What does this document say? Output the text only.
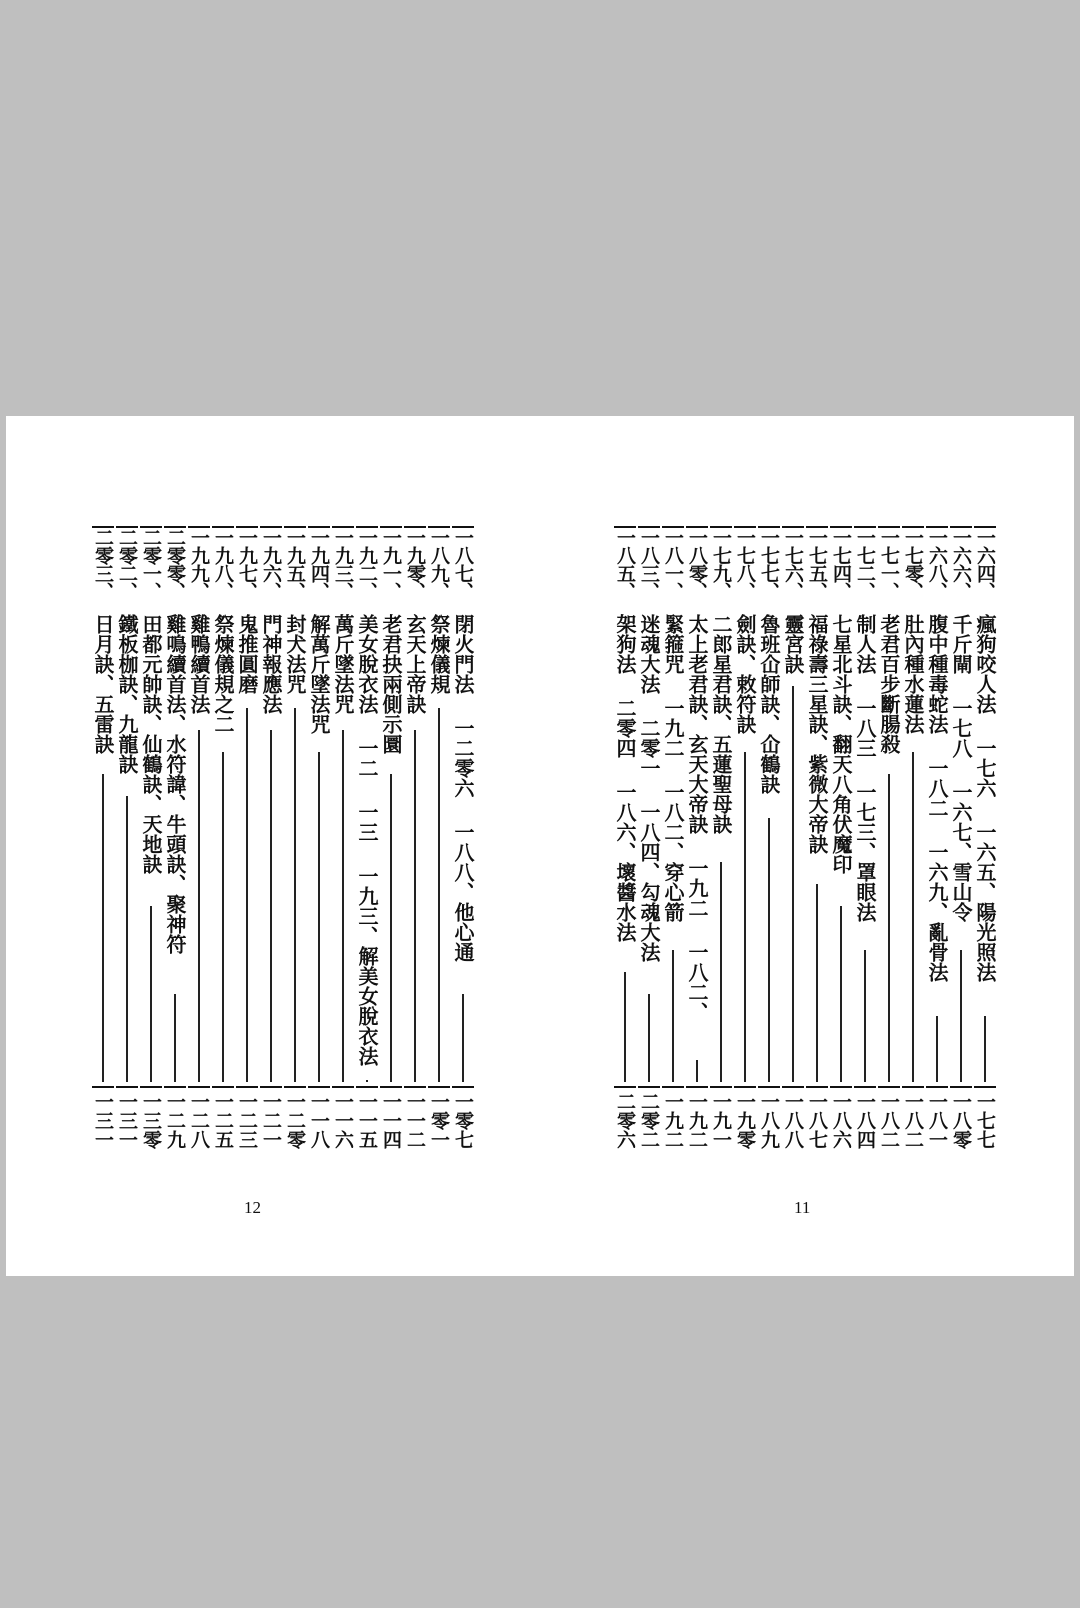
一八七、
閉火門法 一二零六 一八八、他心通
一零七
一八九、
祭煉儀規
一零一
一九零、
玄天上帝訣
一一二
一九一、
老君抉兩側示圜
一一四
一九二、
美女脫衣法 一二 一三 一九三、解美女脫衣法
一一五
一九三、
萬斤墜法咒
一一六
一九四、
解萬斤墜法咒
一一八
一九五、
封犬法咒
一二零
一九六、
門神報應法
一二一
一九七、
鬼推圓磨
一二三
一九八、
祭煉儀規之二
一二五
一九九、
雞鴨續首法
一二八
二零零、
雞鳴續首法、水符諱、牛頭訣、聚神符
一二九
二零一、
田都元帥訣、仙鶴訣、天地訣
一三零
二零二、
鐵板枷訣、九龍訣
一三一
二零三、
日月訣、五雷訣
一三一
12
一六四、
瘋狗咬人法 一七六 一六五、陽光照法
一七七
一六六、
千斤閘 一七八 一六七、雪山令
一八零
一六八、
腹中種毒蛇法 一八二 一六九、亂骨法
一八一
一七零、
肚內種水蓮法
一八二
一七一、
老君百步斷腸殺
一八二
一七二、
制人法 一八三 一七三、罩眼法
一八四
一七四、
七星北斗訣、翻天八角伏魔印
一八六
一七五、
福祿壽三星訣、紫微大帝訣
一八七
一七六、
靈宮訣
一八八
一七七、
魯班仚師訣、仚鶴訣
一八九
一七八、
劍訣、敕符訣
一九零
一七九、
二郎星君訣、五蓮聖母訣
一九一
一八零、
太上老君訣、玄天大帝訣 一九二 一八二、
一九二
一八一、
緊箍咒 一九二 一八二、穿心箭
一九二
一八三、
迷魂大法 二零一 一八四、勾魂大法
二零二
一八五、
架狗法 二零四 一八六、壞醬水法
二零六
11
